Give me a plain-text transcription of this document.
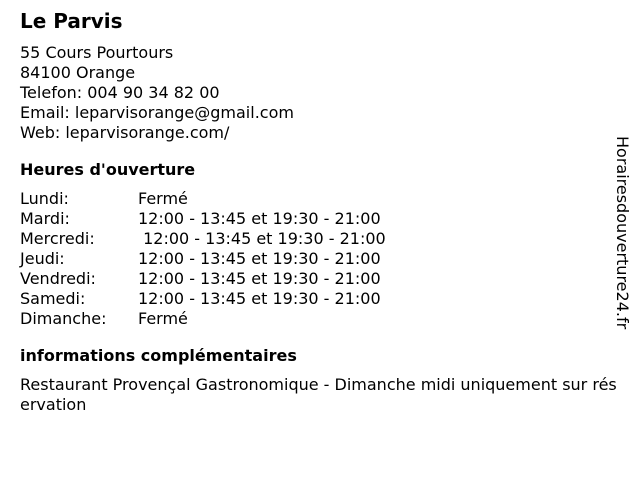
Le Parvis
55 Cours Pourtours
84100 Orange
Telefon: 004 90 34 82 00
Email: leparvisorange@gmail.com
Web: leparvisorange.com/
Heures d'ouverture
Lundi:	Fermé
Mardi:	12:00 - 13:45 et 19:30 - 21:00
Mercredi:	12:00 - 13:45 et 19:30 - 21:00
Jeudi:	12:00 - 13:45 et 19:30 - 21:00
Vendredi:	12:00 - 13:45 et 19:30 - 21:00
Samedi:	12:00 - 13:45 et 19:30 - 21:00
Dimanche:	Fermé
informations complémentaires
Restaurant Provençal Gastronomique - Dimanche midi uniquement sur réservation
Horairesdouverture24.fr
